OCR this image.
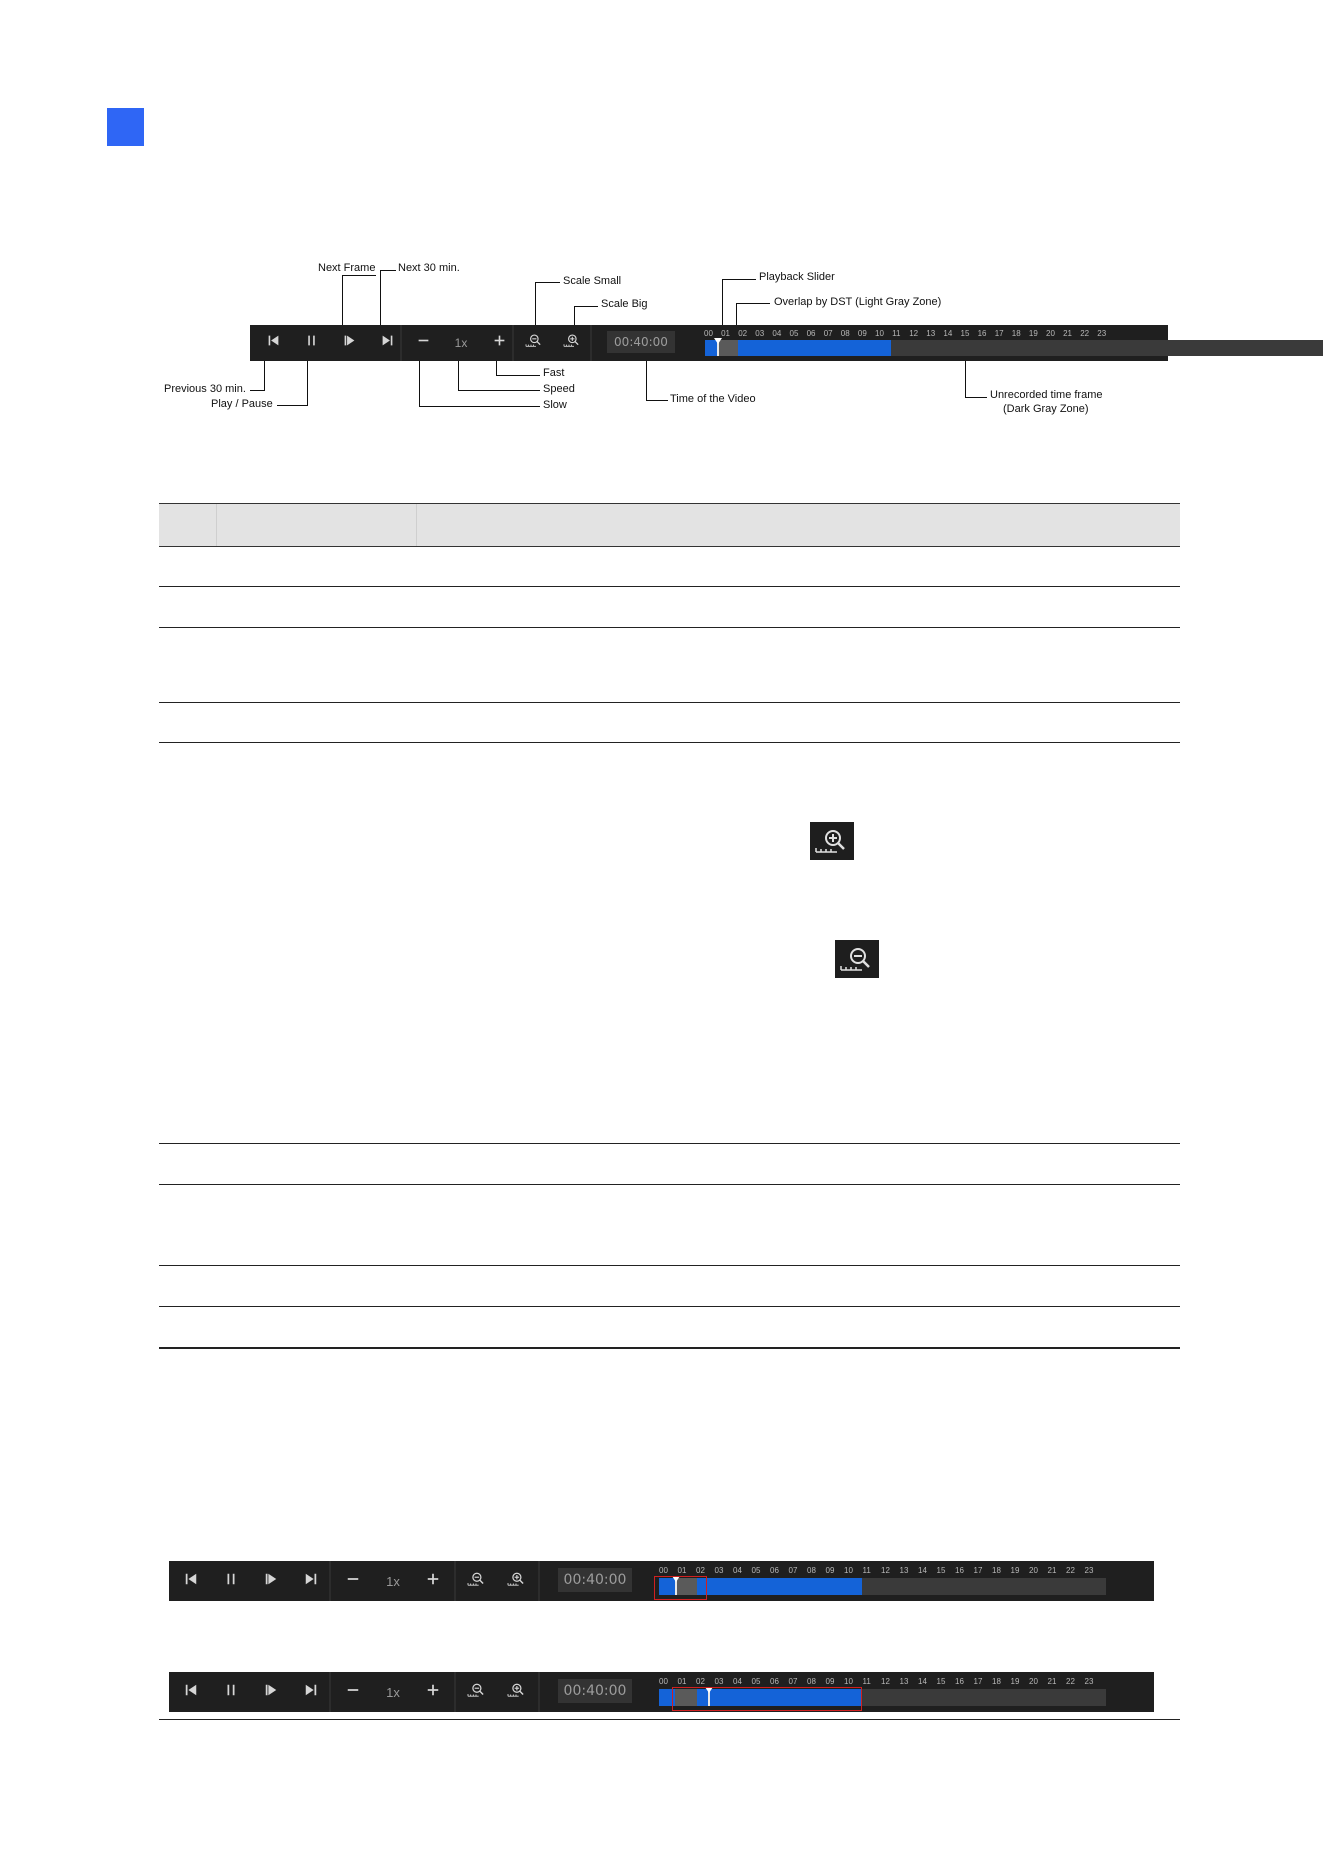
1x	00:40:00
00 01 02 03 04 05 06 07 08 09 10 11 12 13 14 15 16 17 18 19 20 21 22 23
Next Frame Next 30 min.
Scale Small
Scale Big
Playback Slider
Overlap by DST (Light Gray Zone)
Previous 30 min.
Play / Pause
Fast
Speed
Slow	Time of the Video	Unrecorded time frame
(Dark Gray Zone)
1x	00:40:00
00 01 02 03 04 05 06 07 08 09 10 11 12 13 14 15 16 17 18 19 20 21 22 23
1x	00:40:00
00 01 02 03 04 05 06 07 08 09 10 11 12 13 14 15 16 17 18 19 20 21 22 23
